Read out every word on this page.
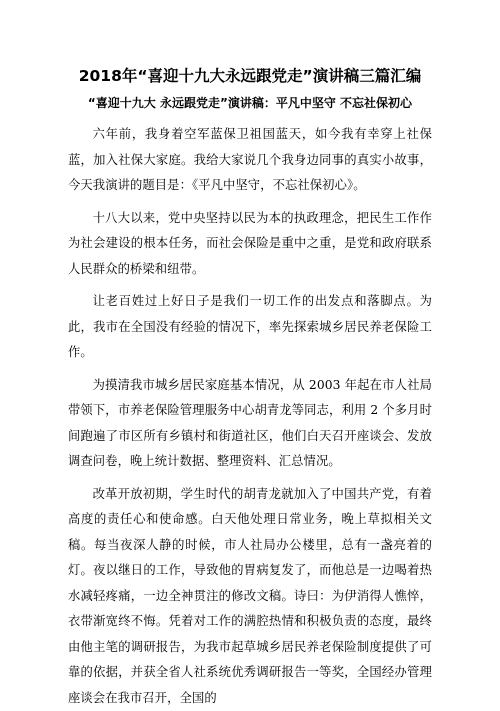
2018年“喜迎十九大永远跟党走”演讲稿三篇汇编
“喜迎十九大 永远跟党走”演讲稿：平凡中坚守 不忘社保初心

六年前，我身着空军蓝保卫祖国蓝天，如今我有幸穿上社保蓝，加入社保大家庭。我给大家说几个我身边同事的真实小故事，今天我演讲的题目是：《平凡中坚守，不忘社保初心》。

十八大以来，党中央坚持以民为本的执政理念，把民生工作作为社会建设的根本任务，而社会保险是重中之重，是党和政府联系人民群众的桥梁和纽带。

让老百姓过上好日子是我们一切工作的出发点和落脚点。为此，我市在全国没有经验的情况下，率先探索城乡居民养老保险工作。

为摸清我市城乡居民家庭基本情况，从 2003 年起在市人社局带领下，市养老保险管理服务中心胡青龙等同志，利用 2 个多月时间跑遍了市区所有乡镇村和街道社区，他们白天召开座谈会、发放调查问卷，晚上统计数据、整理资料、汇总情况。

改革开放初期，学生时代的胡青龙就加入了中国共产党，有着高度的责任心和使命感。白天他处理日常业务，晚上草拟相关文稿。每当夜深人静的时候，市人社局办公楼里，总有一盏亮着的灯。夜以继日的工作，导致他的胃病复发了，而他总是一边喝着热水减轻疼痛，一边全神贯注的修改文稿。诗曰：为伊消得人憔悴，衣带渐宽终不悔。凭着对工作的满腔热情和积极负责的态度，最终由他主笔的调研报告，为我市起草城乡居民养老保险制度提供了可靠的依据，并获全省人社系统优秀调研报告一等奖，全国经办管理座谈会在我市召开，全国的
